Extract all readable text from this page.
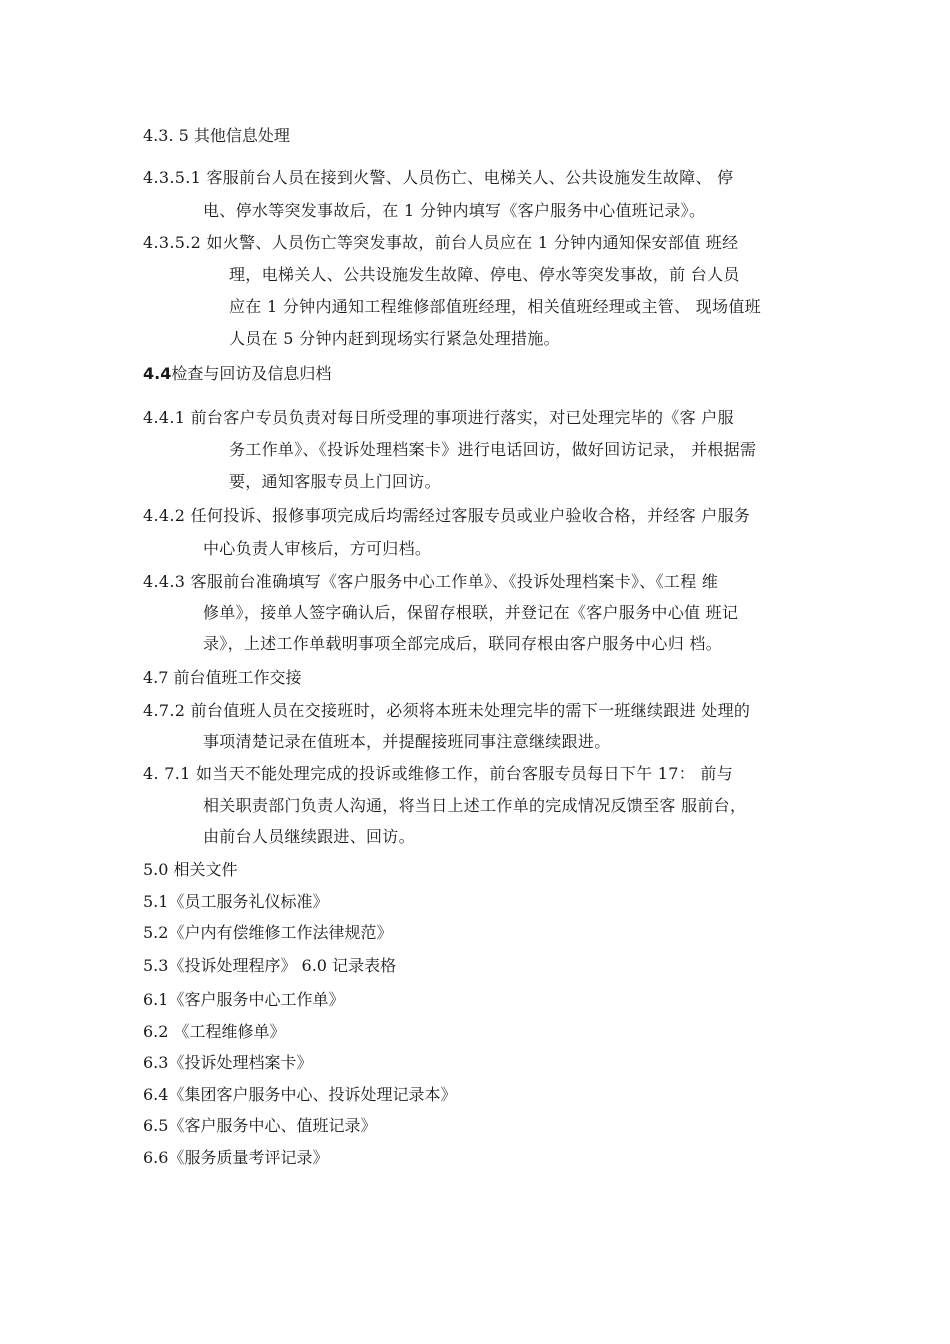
4.3. 5 其他信息处理
4.3.5.1 客服前台人员在接到火警、人员伤亡、电梯关人、公共设施发生故障、 停
电、停水等突发事故后，在 1 分钟内填写《客户服务中心值班记录》。
4.3.5.2 如火警、人员伤亡等突发事故，前台人员应在 1 分钟内通知保安部值 班经
理，电梯关人、公共设施发生故障、停电、停水等突发事故，前 台人员
应在 1 分钟内通知工程维修部值班经理，相关值班经理或主管、 现场值班
人员在 5 分钟内赶到现场实行紧急处理措施。
4.4检查与回访及信息归档
4.4.1 前台客户专员负责对每日所受理的事项进行落实，对已处理完毕的《客 户服
务工作单》、《投诉处理档案卡》进行电话回访，做好回访记录， 并根据需
要，通知客服专员上门回访。
4.4.2 任何投诉、报修事项完成后均需经过客服专员或业户验收合格，并经客 户服务
中心负责人审核后，方可归档。
4.4.3 客服前台准确填写《客户服务中心工作单》、《投诉处理档案卡》、《工程 维
修单》，接单人签字确认后，保留存根联，并登记在《客户服务中心值 班记
录》，上述工作单载明事项全部完成后，联同存根由客户服务中心归 档。
4.7 前台值班工作交接
4.7.2 前台值班人员在交接班时，必须将本班未处理完毕的需下一班继续跟进 处理的
事项清楚记录在值班本，并提醒接班同事注意继续跟进。
4. 7.1 如当天不能处理完成的投诉或维修工作，前台客服专员每日下午 17： 前与
相关职责部门负责人沟通，将当日上述工作单的完成情况反馈至客 服前台，
由前台人员继续跟进、回访。
5.0 相关文件
5.1《员工服务礼仪标准》
5.2《户内有偿维修工作法律规范》
5.3《投诉处理程序》 6.0 记录表格
6.1《客户服务中心工作单》
6.2 《工程维修单》
6.3《投诉处理档案卡》
6.4《集团客户服务中心、投诉处理记录本》
6.5《客户服务中心、值班记录》
6.6《服务质量考评记录》
